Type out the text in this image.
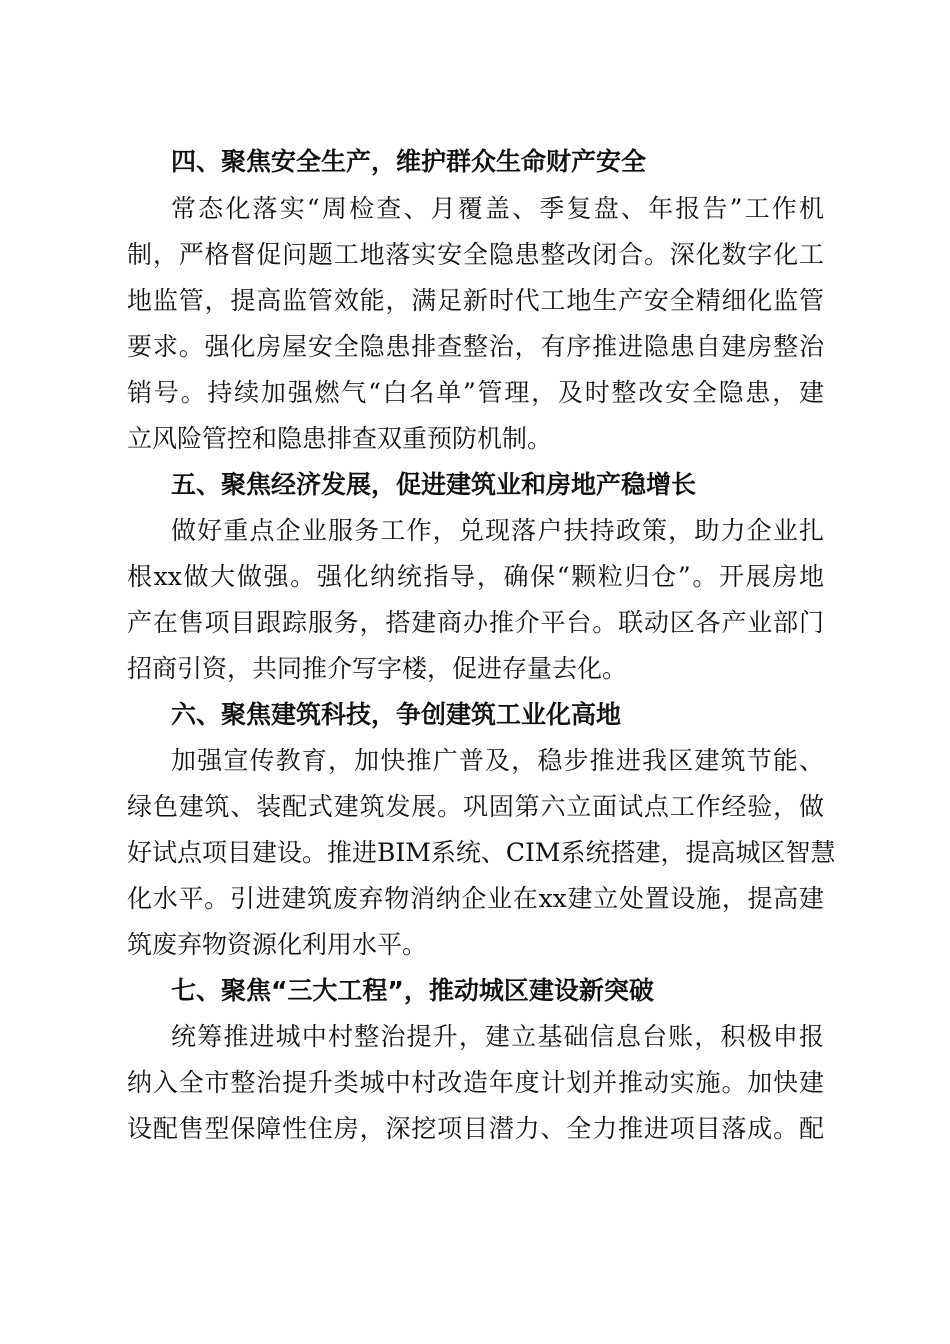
四、聚焦安全生产，维护群众生命财产安全
常态化落实“周检查、月覆盖、季复盘、年报告”工作机
制，严格督促问题工地落实安全隐患整改闭合。深化数字化工
地监管，提高监管效能，满足新时代工地生产安全精细化监管
要求。强化房屋安全隐患排查整治，有序推进隐患自建房整治
销号。持续加强燃气“白名单”管理，及时整改安全隐患，建
立风险管控和隐患排查双重预防机制。
五、聚焦经济发展，促进建筑业和房地产稳增长
做好重点企业服务工作，兑现落户扶持政策，助力企业扎
根xx做大做强。强化纳统指导，确保“颗粒归仓”。开展房地
产在售项目跟踪服务，搭建商办推介平台。联动区各产业部门
招商引资，共同推介写字楼，促进存量去化。
六、聚焦建筑科技，争创建筑工业化高地
加强宣传教育，加快推广普及，稳步推进我区建筑节能、
绿色建筑、装配式建筑发展。巩固第六立面试点工作经验，做
好试点项目建设。推进BIM系统、CIM系统搭建，提高城区智慧
化水平。引进建筑废弃物消纳企业在xx建立处置设施，提高建
筑废弃物资源化利用水平。
七、聚焦“三大工程”，推动城区建设新突破
统筹推进城中村整治提升，建立基础信息台账，积极申报
纳入全市整治提升类城中村改造年度计划并推动实施。加快建
设配售型保障性住房，深挖项目潜力、全力推进项目落成。配
